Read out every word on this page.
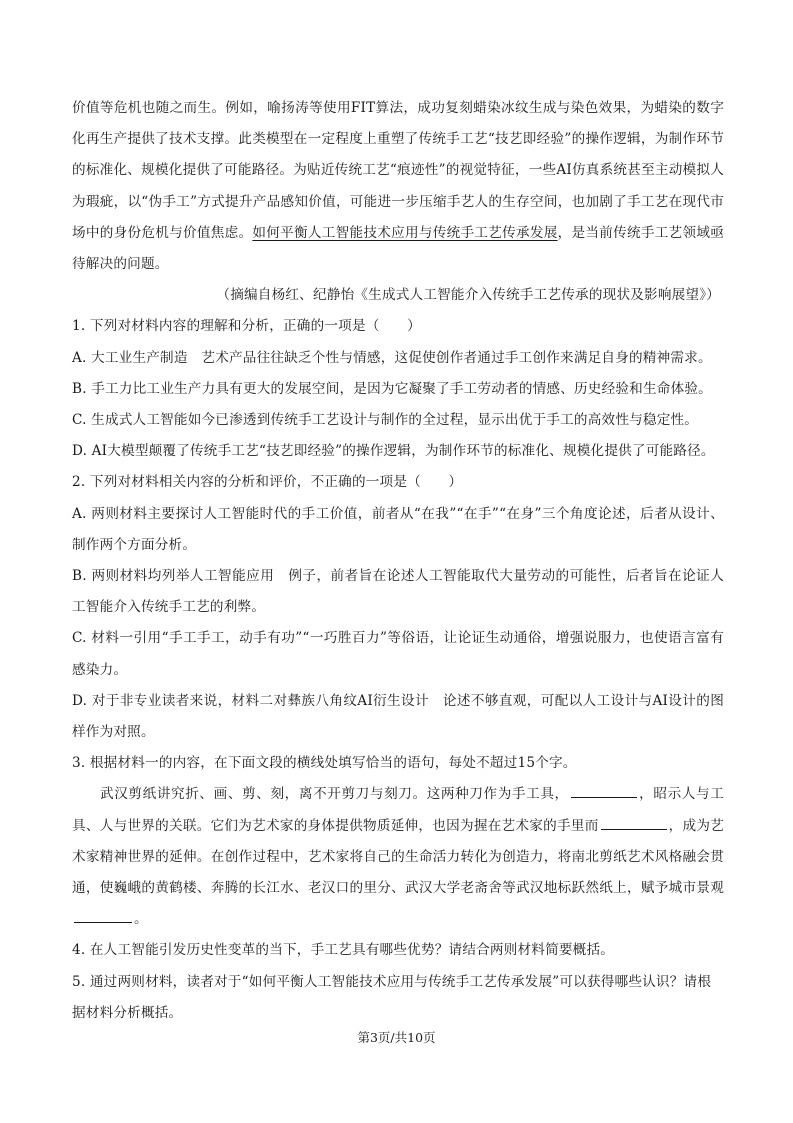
价值等危机也随之而生。例如，喻扬涛等使用FIT算法，成功复刻蜡染冰纹生成与染色效果，为蜡染的数字化再生产提供了技术支撑。此类模型在一定程度上重塑了传统手工艺“技艺即经验”的操作逻辑，为制作环节的标准化、规模化提供了可能路径。为贴近传统工艺“痕迹性”的视觉特征，一些AI仿真系统甚至主动模拟人为瑕疵，以“伪手工”方式提升产品感知价值，可能进一步压缩手艺人的生存空间，也加剧了手工艺在现代市场中的身份危机与价值焦虑。如何平衡人工智能技术应用与传统手工艺传承发展，是当前传统手工艺领域亟待解决的问题。

（摘编自杨红、纪静怡《生成式人工智能介入传统手工艺传承的现状及影响展望》）

1. 下列对材料内容的理解和分析，正确的一项是（　　）

A. 大工业生产制造　艺术产品往往缺乏个性与情感，这促使创作者通过手工创作来满足自身的精神需求。

B. 手工力比工业生产力具有更大的发展空间，是因为它凝聚了手工劳动者的情感、历史经验和生命体验。

C. 生成式人工智能如今已渗透到传统手工艺设计与制作的全过程，显示出优于手工的高效性与稳定性。

D. AI大模型颠覆了传统手工艺“技艺即经验”的操作逻辑，为制作环节的标准化、规模化提供了可能路径。

2. 下列对材料相关内容的分析和评价，不正确的一项是（　　）

A. 两则材料主要探讨人工智能时代的手工价值，前者从“在我”“在手”“在身”三个角度论述，后者从设计、制作两个方面分析。

B. 两则材料均列举人工智能应用　例子，前者旨在论述人工智能取代大量劳动的可能性，后者旨在论证人工智能介入传统手工艺的利弊。

C. 材料一引用“手工手工，动手有功”“一巧胜百力”等俗语，让论证生动通俗，增强说服力，也使语言富有感染力。

D. 对于非专业读者来说，材料二对彝族八角纹AI衍生设计　论述不够直观，可配以人工设计与AI设计的图样作为对照。

3. 根据材料一的内容，在下面文段的横线处填写恰当的语句，每处不超过15个字。

武汉剪纸讲究折、画、剪、刻，离不开剪刀与刻刀。这两种刀作为手工具，	，昭示人与工具、人与世界的关联。它们为艺术家的身体提供物质延伸，也因为握在艺术家的手里而	，成为艺术家精神世界的延伸。在创作过程中，艺术家将自己的生命活力转化为创造力，将南北剪纸艺术风格融会贯通，使巍峨的黄鹤楼、奔腾的长江水、老汉口的里分、武汉大学老斋舍等武汉地标跃然纸上，赋予城市景观。

4. 在人工智能引发历史性变革的当下，手工艺具有哪些优势？请结合两则材料简要概括。

5. 通过两则材料，读者对于“如何平衡人工智能技术应用与传统手工艺传承发展”可以获得哪些认识？请根据材料分析概括。

第3页/共10页
